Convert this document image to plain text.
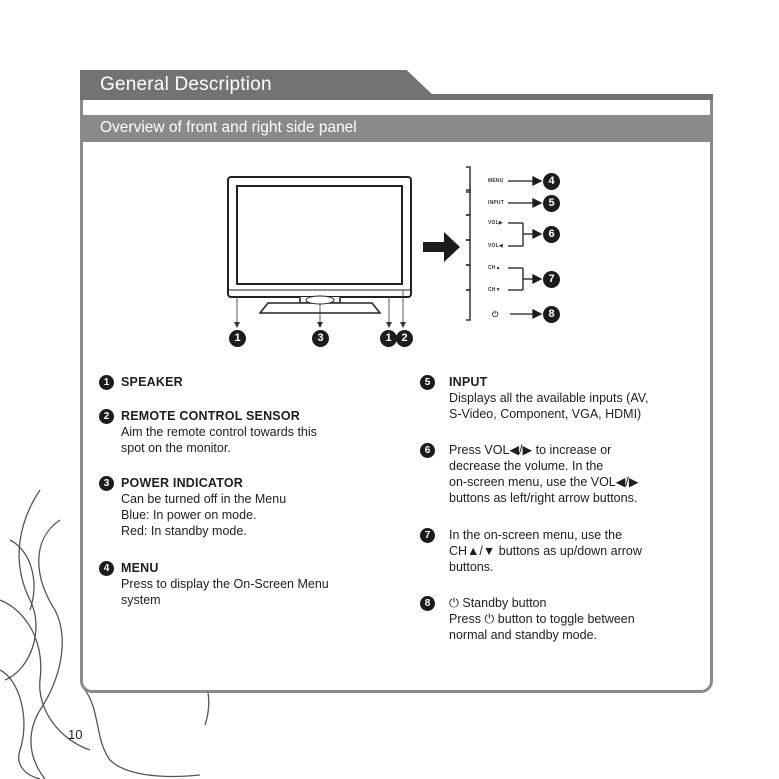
General Description
Overview of front and right side panel
MENU
INPUT
VOL▶
VOL◀
CH▲
CH▼
⏻
4
5
6
7
8
1	3	1 2
1 SPEAKER
2 REMOTE CONTROL SENSOR
Aim the remote control towards this
spot on the monitor.
3 POWER INDICATOR
Can be turned off in the Menu
Blue: In power on mode.
Red: In standby mode.
4 MENU
Press to display the On-Screen Menu
system
5	INPUT
Displays all the available inputs (AV,
S-Video, Component, VGA, HDMI)
6	Press VOL◀/▶ to increase or
decrease the volume. In the
on-screen menu, use the VOL◀/▶
buttons as left/right arrow buttons.
7	In the on-screen menu, use the
CH▲/▼ buttons as up/down arrow
buttons.
8	⏻ Standby button
Press ⏻ button to toggle between
normal and standby mode.
10
